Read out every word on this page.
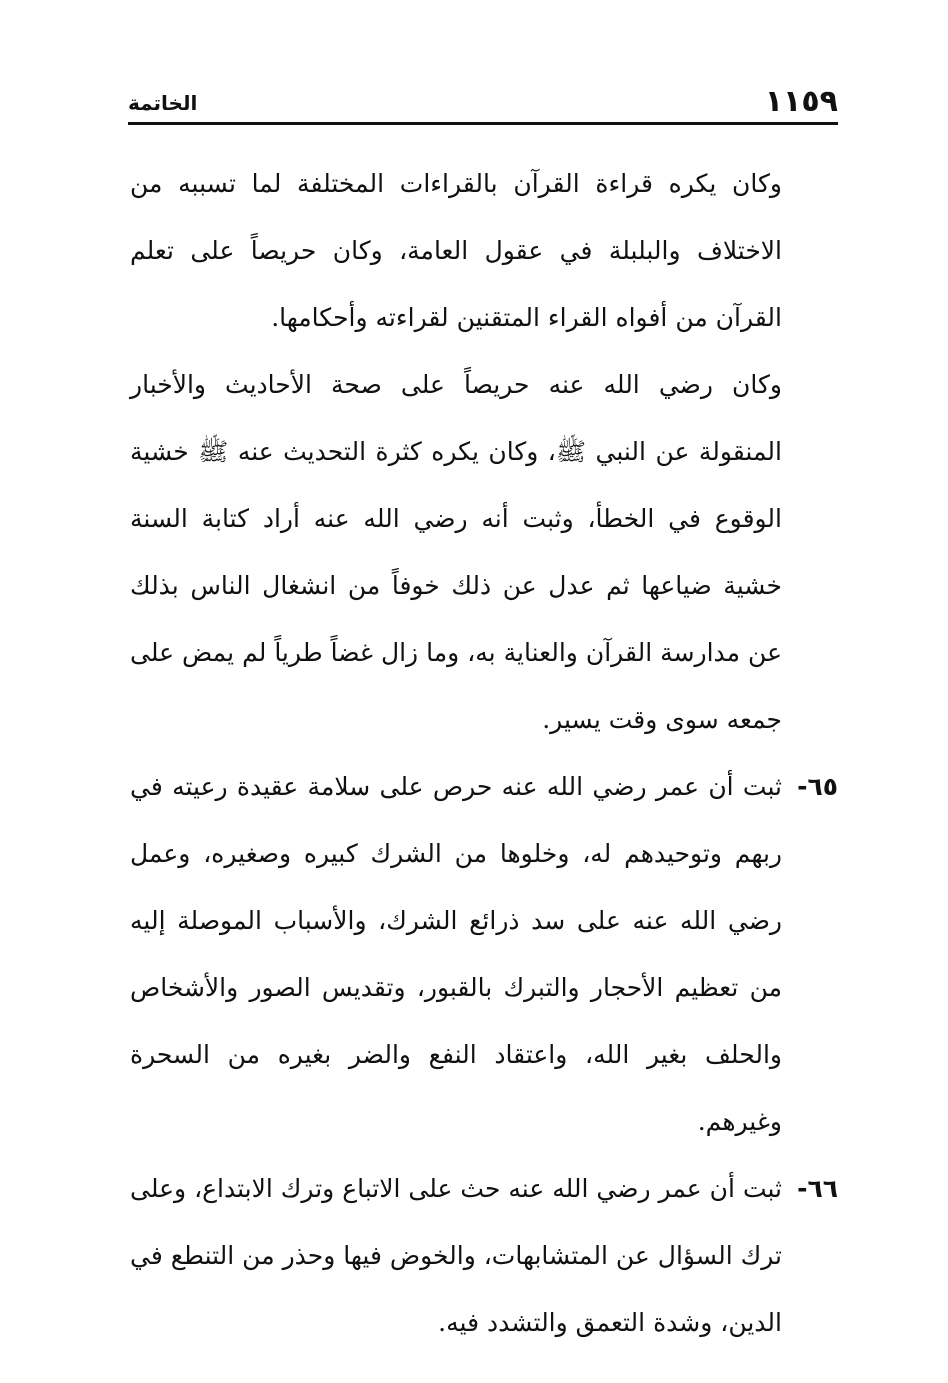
١١٥٩
الخاتمة

وكان يكره قراءة القرآن بالقراءات المختلفة لما تسببه من الاختلاف والبلبلة في عقول العامة، وكان حريصاً على تعلم القرآن من أفواه القراء المتقنين لقراءته وأحكامها.

وكان رضي الله عنه حريصاً على صحة الأحاديث والأخبار المنقولة عن النبي ﷺ، وكان يكره كثرة التحديث عنه ﷺ خشية الوقوع في الخطأ، وثبت أنه رضي الله عنه أراد كتابة السنة خشية ضياعها ثم عدل عن ذلك خوفاً من انشغال الناس بذلك عن مدارسة القرآن والعناية به، وما زال غضاً طرياً لم يمض على جمعه سوى وقت يسير.

٦٥-

ثبت أن عمر رضي الله عنه حرص على سلامة عقيدة رعيته في ربهم وتوحيدهم له، وخلوها من الشرك كبيره وصغيره، وعمل رضي الله عنه على سد ذرائع الشرك، والأسباب الموصلة إليه من تعظيم الأحجار والتبرك بالقبور، وتقديس الصور والأشخاص والحلف بغير الله، واعتقاد النفع والضر بغيره من السحرة وغيرهم.

٦٦-

ثبت أن عمر رضي الله عنه حث على الاتباع وترك الابتداع، وعلى ترك السؤال عن المتشابهات، والخوض فيها وحذر من التنطع في الدين، وشدة التعمق والتشدد فيه.
